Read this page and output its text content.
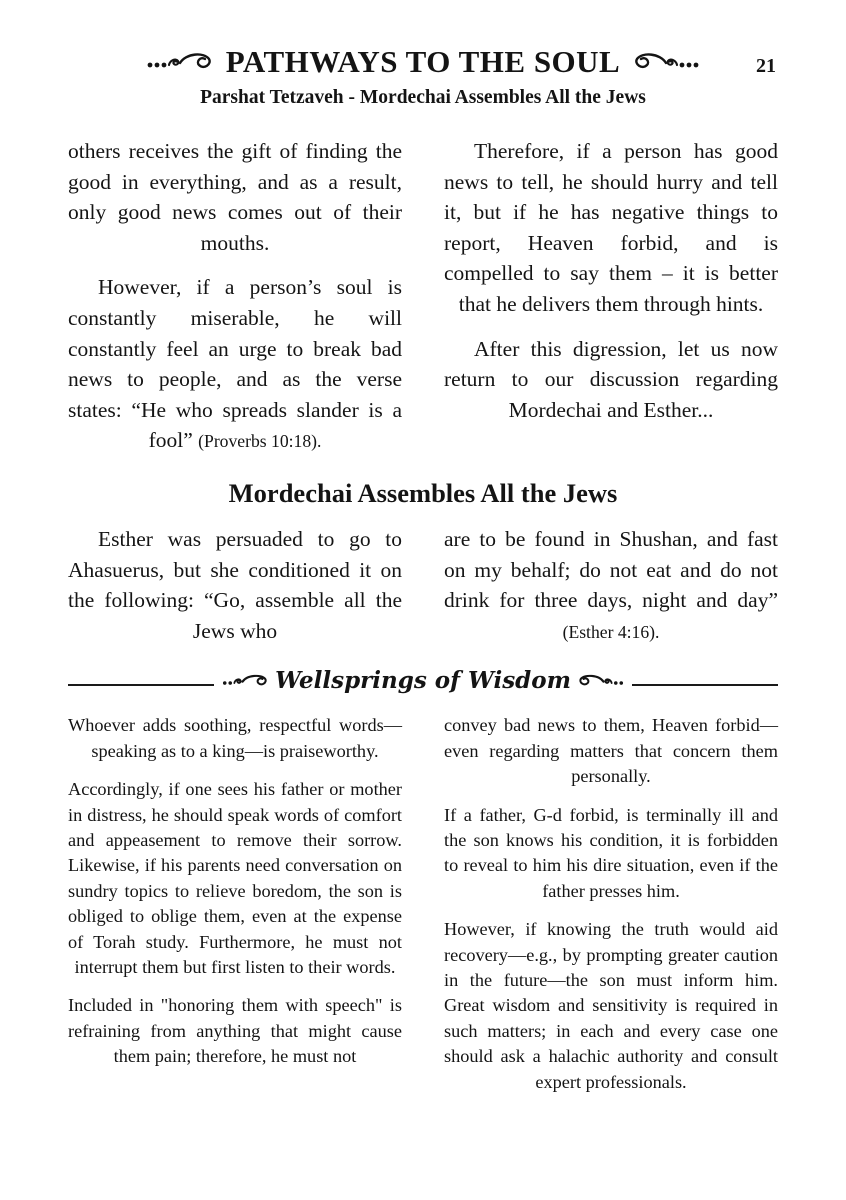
PATHWAYS TO THE SOUL
Parshat Tetzaveh - Mordechai Assembles All the Jews
21

others receives the gift of finding the good in everything, and as a result, only good news comes out of their mouths.

However, if a person’s soul is constantly miserable, he will constantly feel an urge to break bad news to people, and as the verse states: “He who spreads slander is a fool” (Proverbs 10:18).

Therefore, if a person has good news to tell, he should hurry and tell it, but if he has negative things to report, Heaven forbid, and is compelled to say them – it is better that he delivers them through hints.

After this digression, let us now return to our discussion regarding Mordechai and Esther...

Mordechai Assembles All the Jews

Esther was persuaded to go to Ahasuerus, but she conditioned it on the following: “Go, assemble all the Jews who

are to be found in Shushan, and fast on my behalf; do not eat and do not drink for three days, night and day” (Esther 4:16).

Wellsprings of Wisdom

Whoever adds soothing, respectful words—speaking as to a king—is praiseworthy.

Accordingly, if one sees his father or mother in distress, he should speak words of comfort and appeasement to remove their sorrow. Likewise, if his parents need conversation on sundry topics to relieve boredom, the son is obliged to oblige them, even at the expense of Torah study. Furthermore, he must not interrupt them but first listen to their words.

Included in "honoring them with speech" is refraining from anything that might cause them pain; therefore, he must not

convey bad news to them, Heaven forbid—even regarding matters that concern them personally.

If a father, G-d forbid, is terminally ill and the son knows his condition, it is forbidden to reveal to him his dire situation, even if the father presses him.

However, if knowing the truth would aid recovery—e.g., by prompting greater caution in the future—the son must inform him. Great wisdom and sensitivity is required in such matters; in each and every case one should ask a halachic authority and consult expert professionals.
